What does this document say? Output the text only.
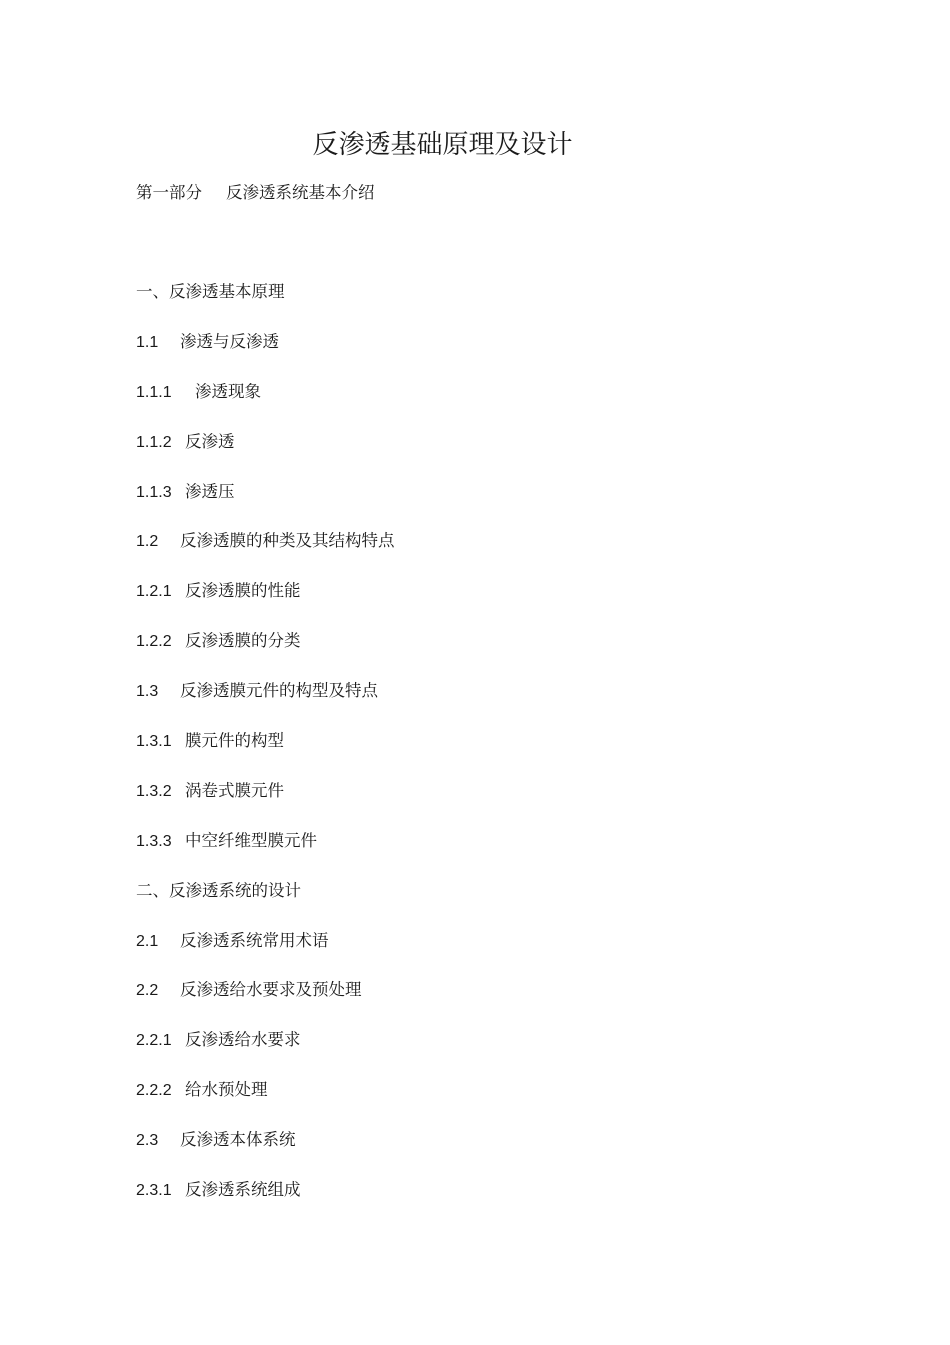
反渗透基础原理及设计
第一部分 反渗透系统基本介绍
一、反渗透基本原理
1.1 渗透与反渗透
1.1.1 渗透现象
1.1.2 反渗透
1.1.3 渗透压
1.2 反渗透膜的种类及其结构特点
1.2.1 反渗透膜的性能
1.2.2 反渗透膜的分类
1.3 反渗透膜元件的构型及特点
1.3.1 膜元件的构型
1.3.2 涡卷式膜元件
1.3.3 中空纤维型膜元件
二、反渗透系统的设计
2.1 反渗透系统常用术语
2.2 反渗透给水要求及预处理
2.2.1 反渗透给水要求
2.2.2 给水预处理
2.3 反渗透本体系统
2.3.1 反渗透系统组成
